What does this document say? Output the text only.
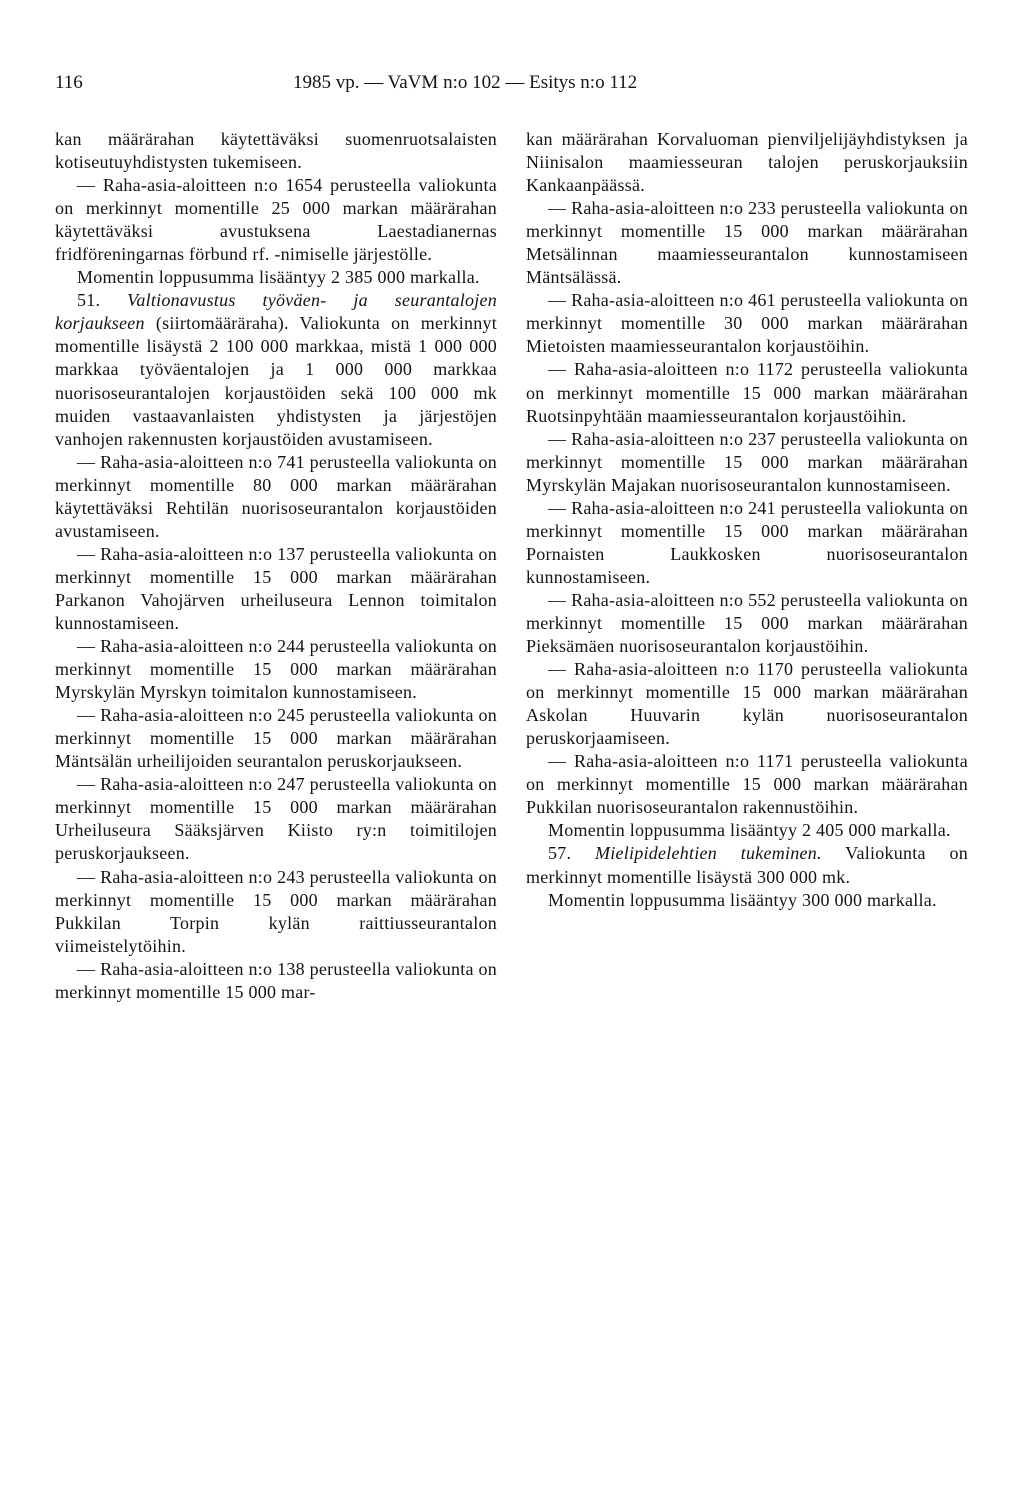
116	1985 vp. — VaVM n:o 102 — Esitys n:o 112

kan määrärahan käytettäväksi suomenruotsalaisten kotiseutuyhdistysten tukemiseen.

— Raha-asia-aloitteen n:o 1654 perusteella valiokunta on merkinnyt momentille 25 000 markan määrärahan käytettäväksi avustuksena Laestadianernas fridföreningarnas förbund rf. -nimiselle järjestölle.

Momentin loppusumma lisääntyy 2 385 000 markalla.

51. Valtionavustus työväen- ja seurantalojen korjaukseen (siirtomääräraha). Valiokunta on merkinnyt momentille lisäystä 2 100 000 markkaa, mistä 1 000 000 markkaa työväentalojen ja 1 000 000 markkaa nuorisoseurantalojen korjaustöiden sekä 100 000 mk muiden vastaavanlaisten yhdistysten ja järjestöjen vanhojen rakennusten korjaustöiden avustamiseen.

— Raha-asia-aloitteen n:o 741 perusteella valiokunta on merkinnyt momentille 80 000 markan määrärahan käytettäväksi Rehtilän nuorisoseurantalon korjaustöiden avustamiseen.

— Raha-asia-aloitteen n:o 137 perusteella valiokunta on merkinnyt momentille 15 000 markan määrärahan Parkanon Vahojärven urheiluseura Lennon toimitalon kunnostamiseen.

— Raha-asia-aloitteen n:o 244 perusteella valiokunta on merkinnyt momentille 15 000 markan määrärahan Myrskylän Myrskyn toimitalon kunnostamiseen.

— Raha-asia-aloitteen n:o 245 perusteella valiokunta on merkinnyt momentille 15 000 markan määrärahan Mäntsälän urheilijoiden seurantalon peruskorjaukseen.

— Raha-asia-aloitteen n:o 247 perusteella valiokunta on merkinnyt momentille 15 000 markan määrärahan Urheiluseura Sääksjärven Kiisto ry:n toimitilojen peruskorjaukseen.

— Raha-asia-aloitteen n:o 243 perusteella valiokunta on merkinnyt momentille 15 000 markan määrärahan Pukkilan Torpin kylän raittiusseurantalon viimeistelytöihin.

— Raha-asia-aloitteen n:o 138 perusteella valiokunta on merkinnyt momentille 15 000 mar-

kan määrärahan Korvaluoman pienviljelijäyhdistyksen ja Niinisalon maamiesseuran talojen peruskorjauksiin Kankaanpäässä.

— Raha-asia-aloitteen n:o 233 perusteella valiokunta on merkinnyt momentille 15 000 markan määrärahan Metsälinnan maamiesseurantalon kunnostamiseen Mäntsälässä.

— Raha-asia-aloitteen n:o 461 perusteella valiokunta on merkinnyt momentille 30 000 markan määrärahan Mietoisten maamiesseurantalon korjaustöihin.

— Raha-asia-aloitteen n:o 1172 perusteella valiokunta on merkinnyt momentille 15 000 markan määrärahan Ruotsinpyhtään maamiesseurantalon korjaustöihin.

— Raha-asia-aloitteen n:o 237 perusteella valiokunta on merkinnyt momentille 15 000 markan määrärahan Myrskylän Majakan nuorisoseurantalon kunnostamiseen.

— Raha-asia-aloitteen n:o 241 perusteella valiokunta on merkinnyt momentille 15 000 markan määrärahan Pornaisten Laukkosken nuorisoseurantalon kunnostamiseen.

— Raha-asia-aloitteen n:o 552 perusteella valiokunta on merkinnyt momentille 15 000 markan määrärahan Pieksämäen nuorisoseurantalon korjaustöihin.

— Raha-asia-aloitteen n:o 1170 perusteella valiokunta on merkinnyt momentille 15 000 markan määrärahan Askolan Huuvarin kylän nuorisoseurantalon peruskorjaamiseen.

— Raha-asia-aloitteen n:o 1171 perusteella valiokunta on merkinnyt momentille 15 000 markan määrärahan Pukkilan nuorisoseurantalon rakennustöihin.

Momentin loppusumma lisääntyy 2 405 000 markalla.

57. Mielipidelehtien tukeminen. Valiokunta on merkinnyt momentille lisäystä 300 000 mk.

Momentin loppusumma lisääntyy 300 000 markalla.
